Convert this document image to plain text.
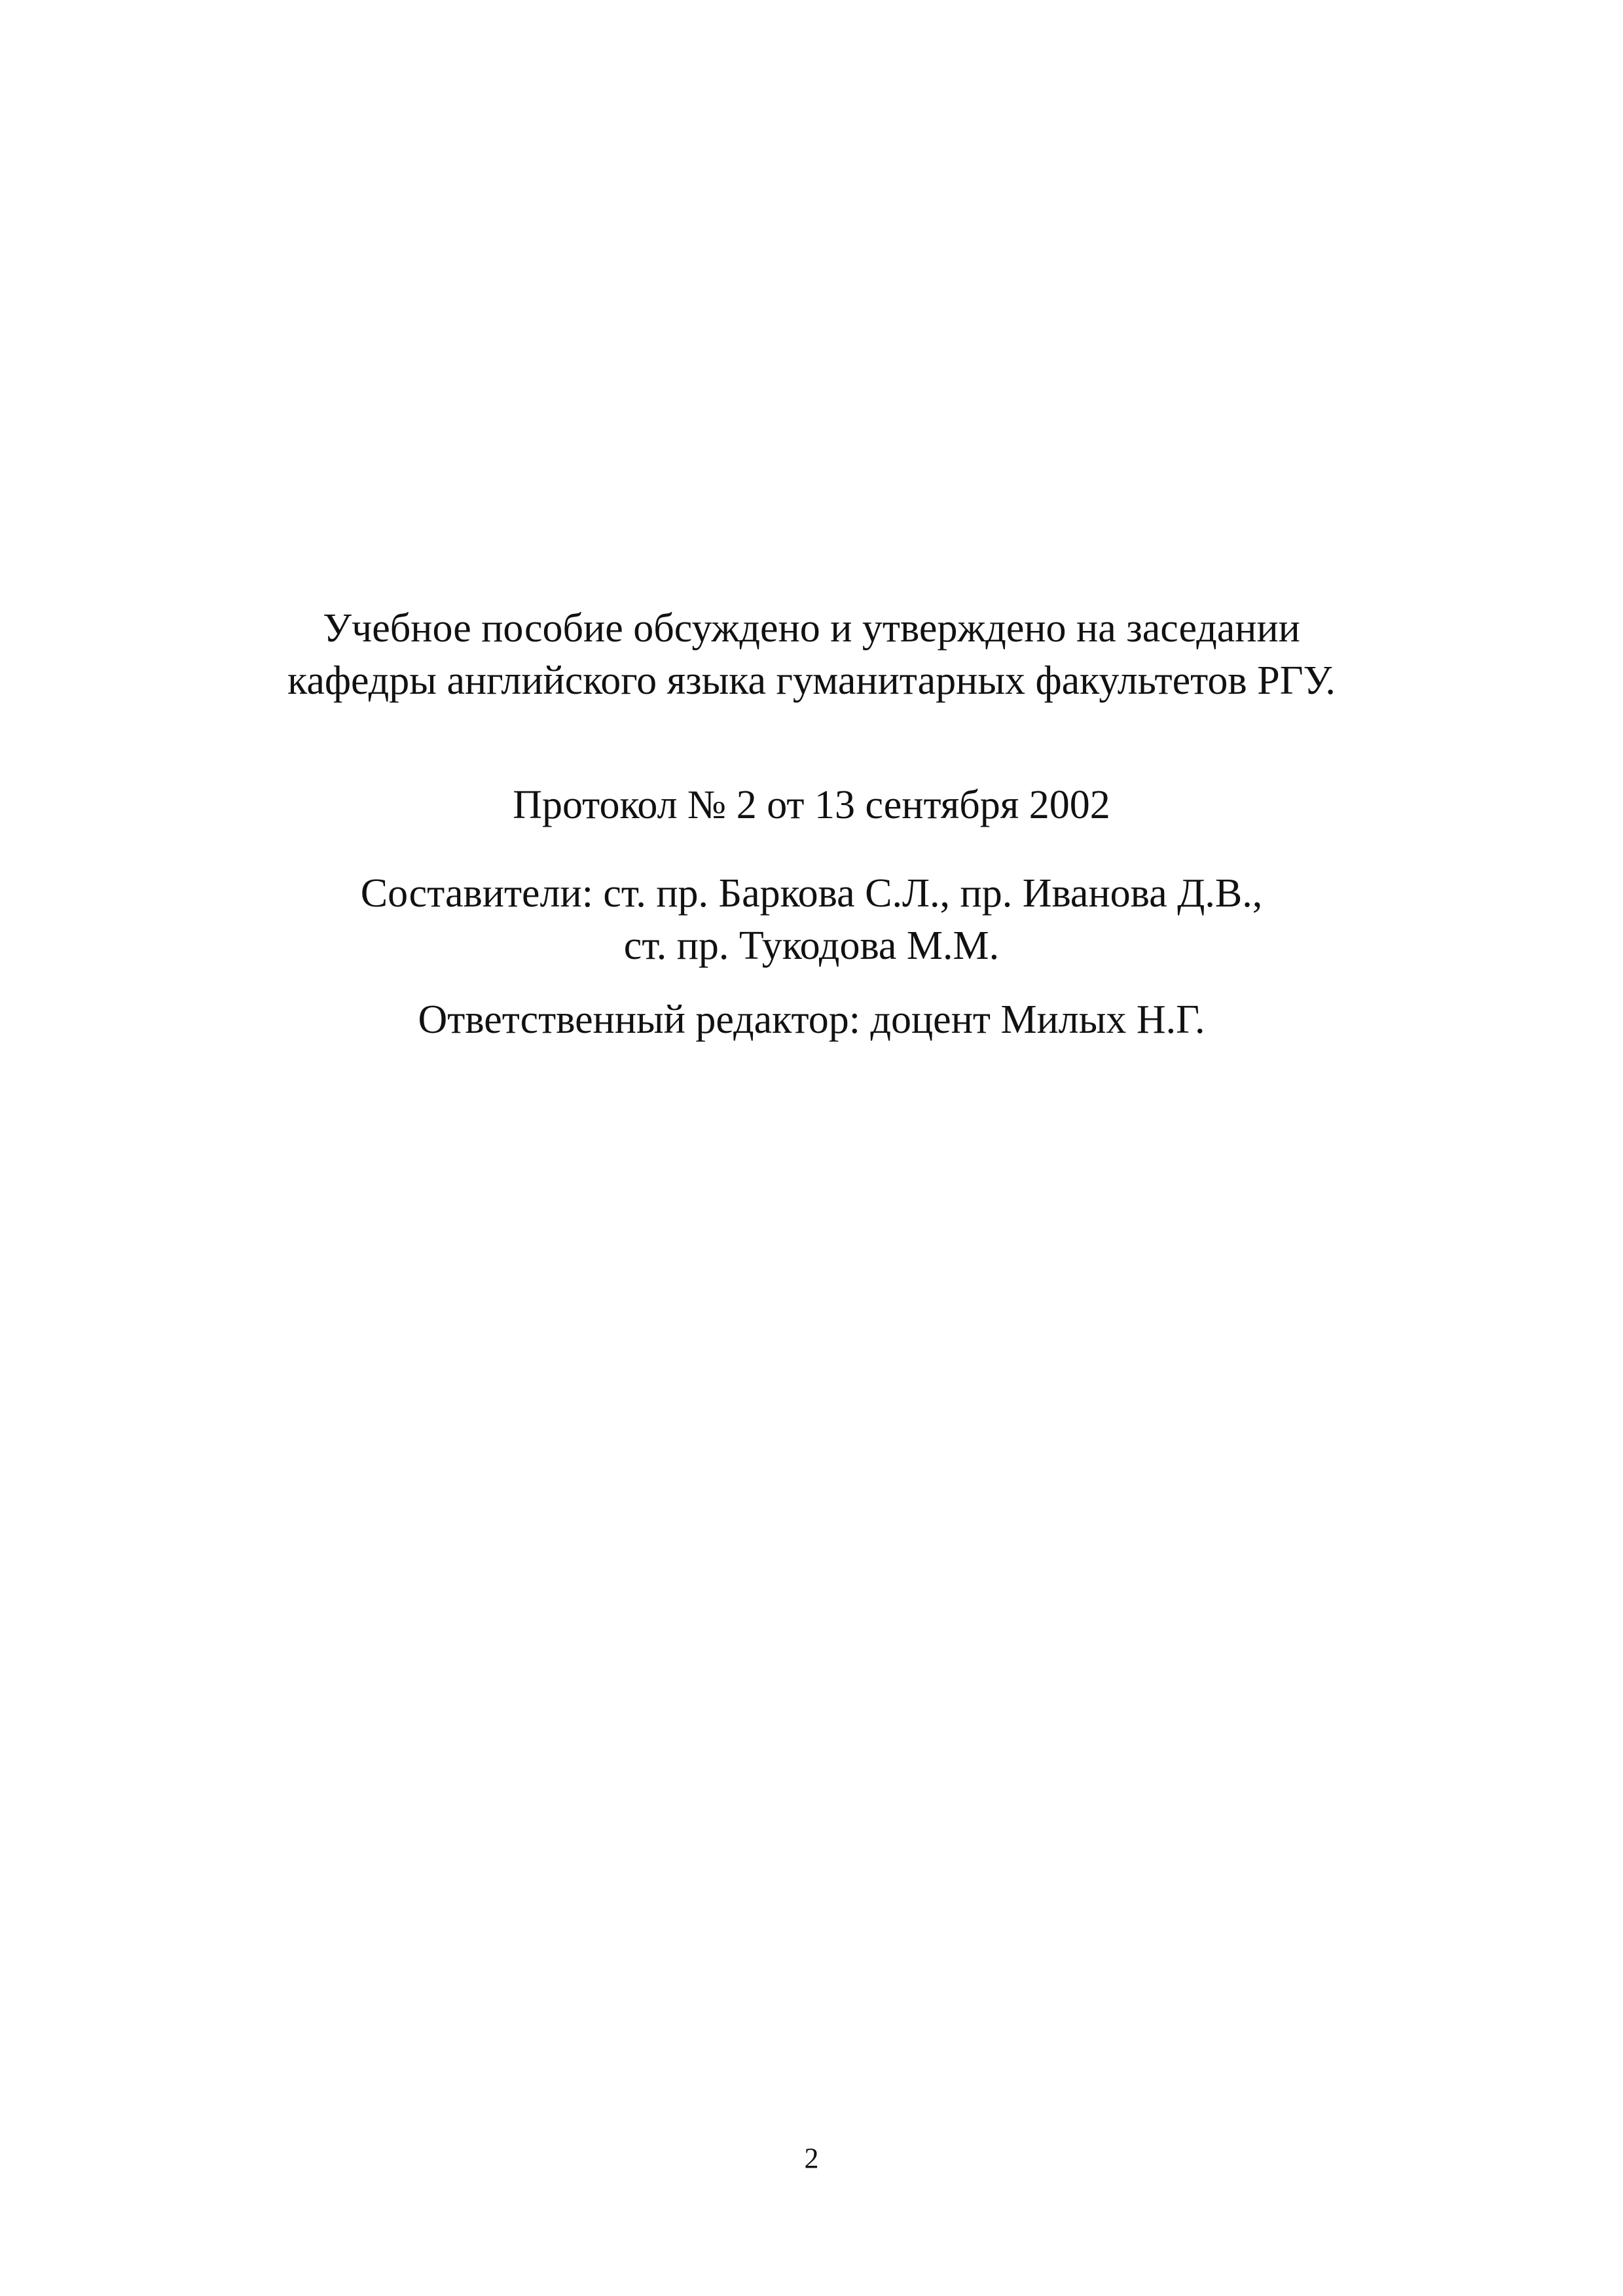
Учебное пособие обсуждено и утверждено на заседании
кафедры английского языка гуманитарных факультетов РГУ.
Протокол № 2 от 13 сентября 2002
Составители: ст. пр. Баркова С.Л., пр. Иванова Д.В.,
ст. пр. Тукодова М.М.
Ответственный редактор: доцент Милых Н.Г.
2
